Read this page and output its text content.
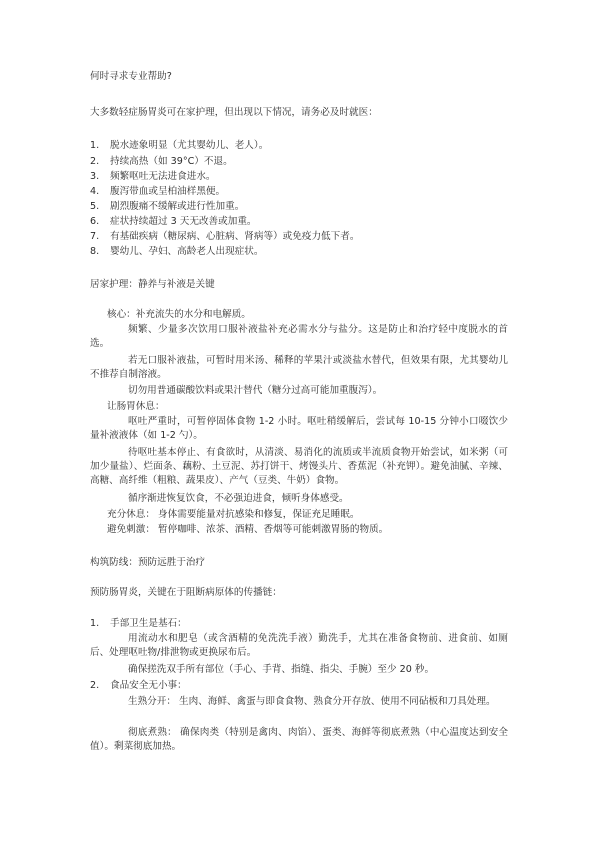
何时寻求专业帮助?
大多数轻症肠胃炎可在家护理，但出现以下情况，请务必及时就医：
1.	脱水迹象明显（尤其婴幼儿、老人）。
2.	持续高热（如 39°C）不退。
3.	频繁呕吐无法进食进水。
4.	腹泻带血或呈柏油样黑便。
5.	剧烈腹痛不缓解或进行性加重。
6.	症状持续超过 3 天无改善或加重。
7.	有基础疾病（糖尿病、心脏病、肾病等）或免疫力低下者。
8.	婴幼儿、孕妇、高龄老人出现症状。
居家护理：静养与补液是关键
核心：补充流失的水分和电解质。
频繁、少量多次饮用口服补液盐补充必需水分与盐分。这是防止和治疗轻中度脱水的首选。
若无口服补液盐，可暂时用米汤、稀释的苹果汁或淡盐水替代，但效果有限，尤其婴幼儿不推荐自制溶液。
切勿用普通碳酸饮料或果汁替代（糖分过高可能加重腹泻）。
让肠胃休息：
呕吐严重时，可暂停固体食物 1-2 小时。呕吐稍缓解后，尝试每 10-15 分钟小口啜饮少量补液液体（如 1-2 勺）。
待呕吐基本停止、有食欲时，从清淡、易消化的流质或半流质食物开始尝试，如米粥（可加少量盐）、烂面条、藕粉、土豆泥、苏打饼干、烤馒头片、香蕉泥（补充钾）。避免油腻、辛辣、高糖、高纤维（粗粮、蔬果皮）、产气（豆类、牛奶）食物。
循序渐进恢复饮食，不必强迫进食，倾听身体感受。
充分休息： 身体需要能量对抗感染和修复，保证充足睡眠。
避免刺激： 暂停咖啡、浓茶、酒精、香烟等可能刺激胃肠的物质。
构筑防线：预防远胜于治疗
预防肠胃炎，关键在于阻断病原体的传播链：
1.	手部卫生是基石：
用流动水和肥皂（或含酒精的免洗洗手液）勤洗手，尤其在准备食物前、进食前、如厕后、处理呕吐物/排泄物或更换尿布后。
确保搓洗双手所有部位（手心、手背、指缝、指尖、手腕）至少 20 秒。
2.	食品安全无小事：
生熟分开： 生肉、海鲜、禽蛋与即食食物、熟食分开存放、使用不同砧板和刀具处理。
彻底煮熟： 确保肉类（特别是禽肉、肉馅）、蛋类、海鲜等彻底煮熟（中心温度达到安全值）。剩菜彻底加热。
